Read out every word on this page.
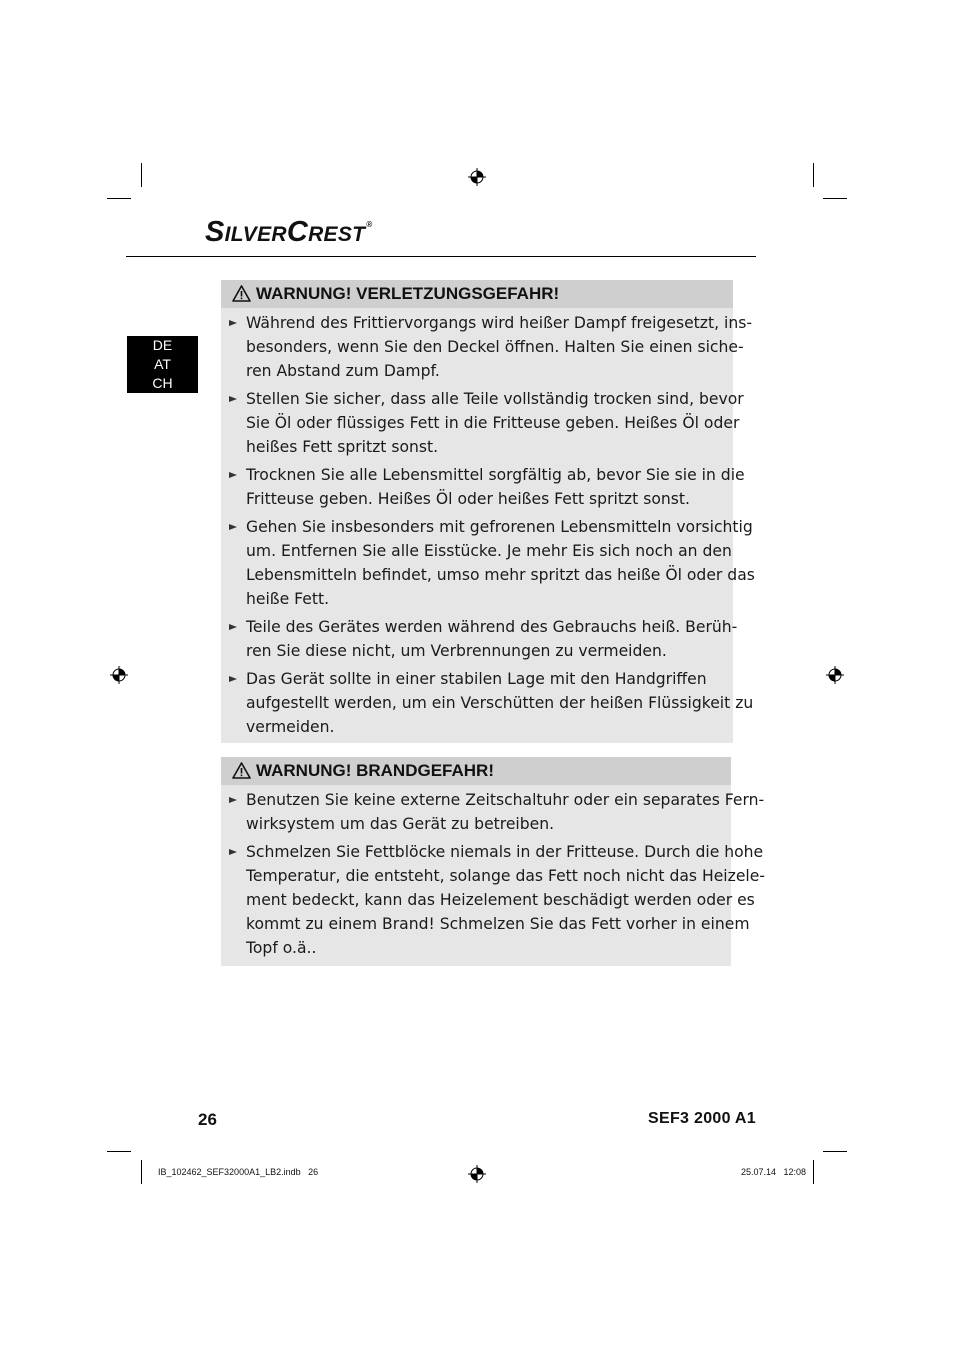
SILVERCREST®
DE
AT
CH
WARNUNG! VERLETZUNGSGEFAHR!
Während des Frittiervorgangs wird heißer Dampf freigesetzt, ins-
besonders, wenn Sie den Deckel öffnen. Halten Sie einen siche-
ren Abstand zum Dampf.
Stellen Sie sicher, dass alle Teile vollständig trocken sind, bevor
Sie Öl oder flüssiges Fett in die Fritteuse geben. Heißes Öl oder
heißes Fett spritzt sonst.
Trocknen Sie alle Lebensmittel sorgfältig ab, bevor Sie sie in die
Fritteuse geben. Heißes Öl oder heißes Fett spritzt sonst.
Gehen Sie insbesonders mit gefrorenen Lebensmitteln vorsichtig
um. Entfernen Sie alle Eisstücke. Je mehr Eis sich noch an den
Lebensmitteln befindet, umso mehr spritzt das heiße Öl oder das
heiße Fett.
Teile des Gerätes werden während des Gebrauchs heiß. Berüh-
ren Sie diese nicht, um Verbrennungen zu vermeiden.
Das Gerät sollte in einer stabilen Lage mit den Handgriffen
aufgestellt werden, um ein Verschütten der heißen Flüssigkeit zu
vermeiden.
WARNUNG! BRANDGEFAHR!
Benutzen Sie keine externe Zeitschaltuhr oder ein separates Fern-
wirksystem um das Gerät zu betreiben.
Schmelzen Sie Fettblöcke niemals in der Fritteuse. Durch die hohe
Temperatur, die entsteht, solange das Fett noch nicht das Heizele-
ment bedeckt, kann das Heizelement beschädigt werden oder es
kommt zu einem Brand! Schmelzen Sie das Fett vorher in einem
Topf o.ä..
26	SEF3 2000 A1
IB_102462_SEF32000A1_LB2.indb   26	25.07.14   12:08
